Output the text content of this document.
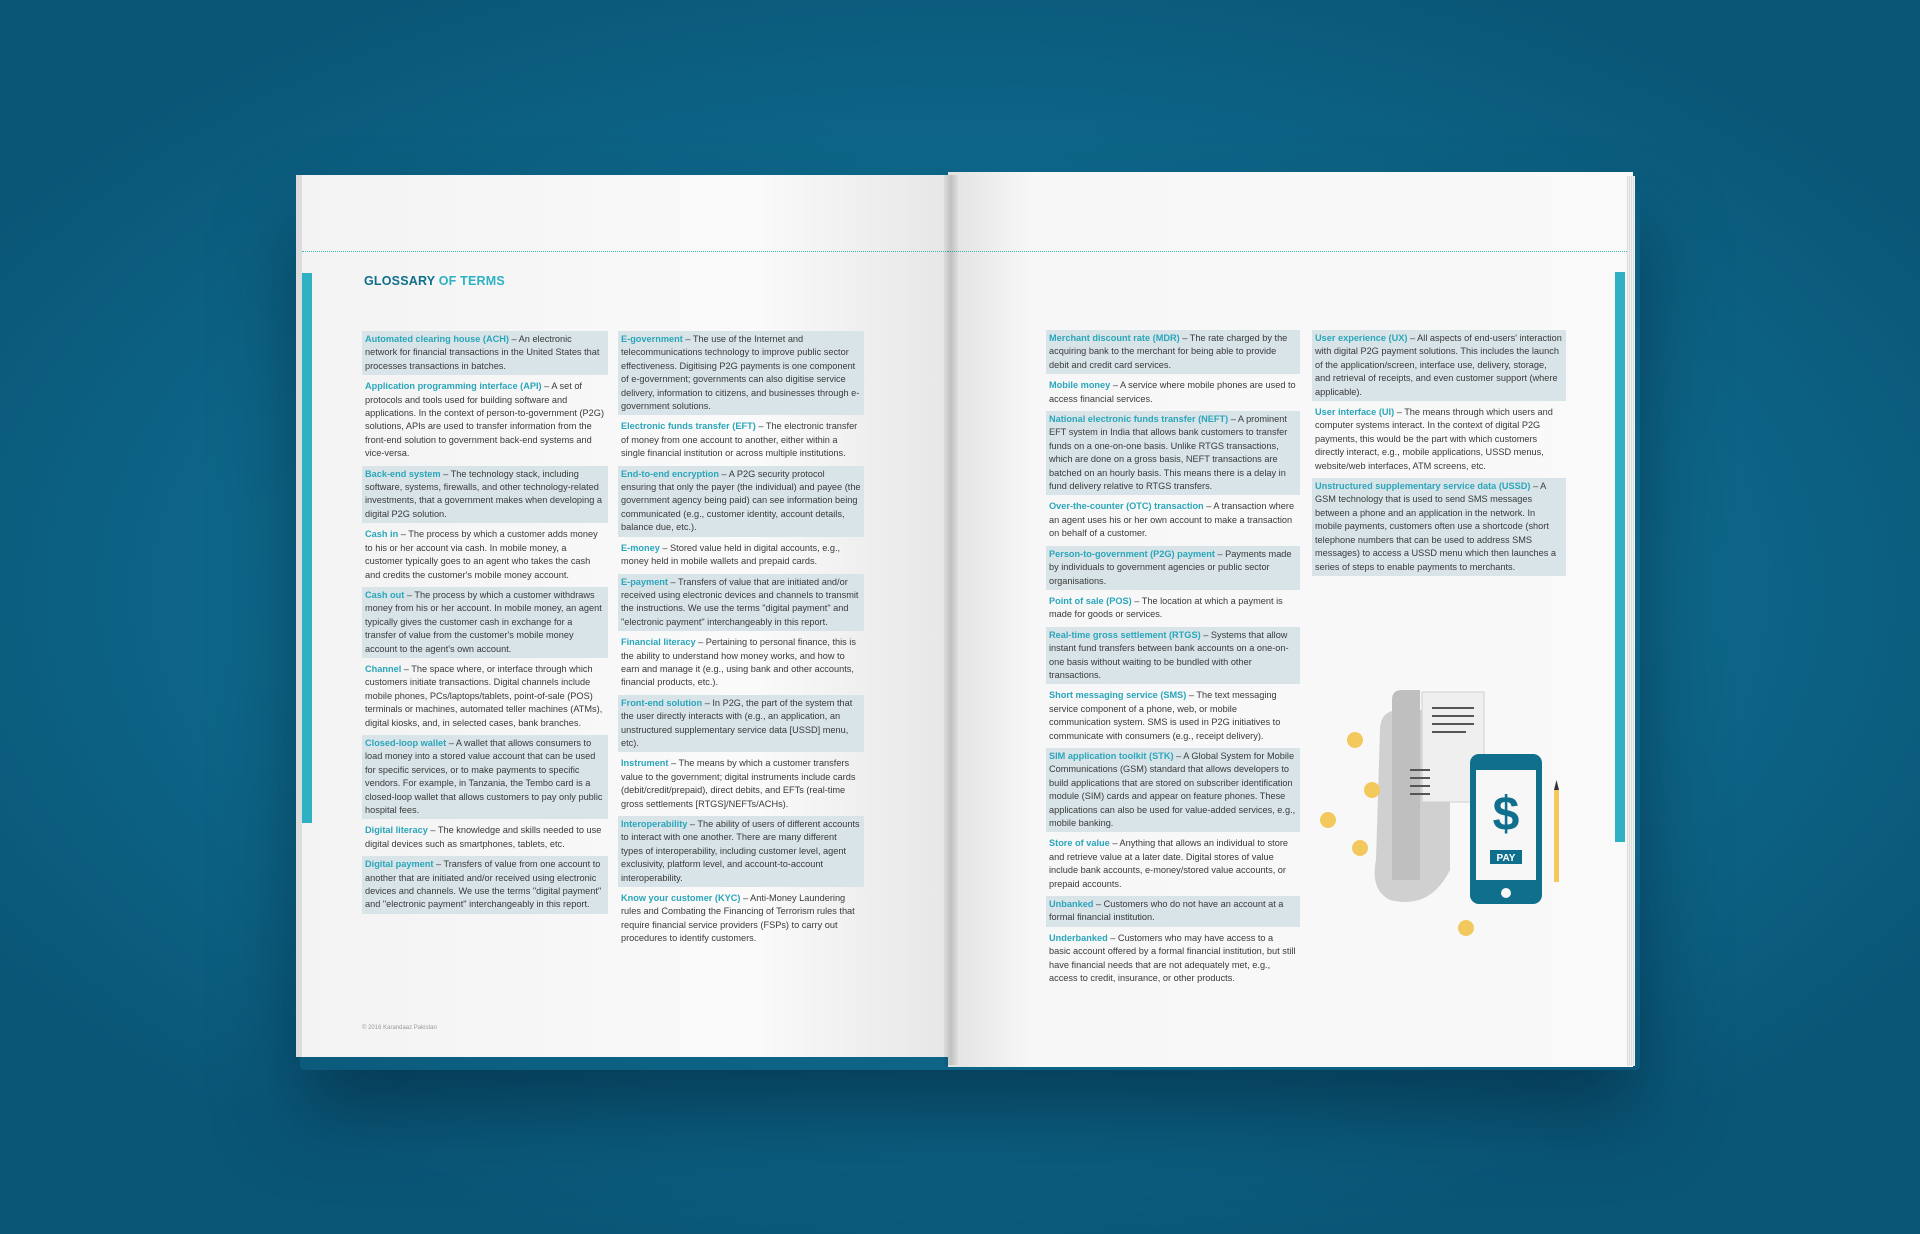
GLOSSARY OF TERMS
Automated clearing house (ACH) – An electronic network for financial transactions in the United States that processes transactions in batches.
Application programming interface (API) – A set of protocols and tools used for building software and applications. In the context of person-to-government (P2G) solutions, APIs are used to transfer information from the front-end solution to government back-end systems and vice-versa.
Back-end system – The technology stack, including software, systems, firewalls, and other technology-related investments, that a government makes when developing a digital P2G solution.
Cash in – The process by which a customer adds money to his or her account via cash. In mobile money, a customer typically goes to an agent who takes the cash and credits the customer's mobile money account.
Cash out – The process by which a customer withdraws money from his or her account. In mobile money, an agent typically gives the customer cash in exchange for a transfer of value from the customer's mobile money account to the agent's own account.
Channel – The space where, or interface through which customers initiate transactions. Digital channels include mobile phones, PCs/laptops/tablets, point-of-sale (POS) terminals or machines, automated teller machines (ATMs), digital kiosks, and, in selected cases, bank branches.
Closed-loop wallet – A wallet that allows consumers to load money into a stored value account that can be used for specific services, or to make payments to specific vendors. For example, in Tanzania, the Tembo card is a closed-loop wallet that allows customers to pay only public hospital fees.
Digital literacy – The knowledge and skills needed to use digital devices such as smartphones, tablets, etc.
Digital payment – Transfers of value from one account to another that are initiated and/or received using electronic devices and channels. We use the terms "digital payment" and "electronic payment" interchangeably in this report.
E-government – The use of the Internet and telecommunications technology to improve public sector effectiveness. Digitising P2G payments is one component of e-government; governments can also digitise service delivery, information to citizens, and businesses through e-government solutions.
Electronic funds transfer (EFT) – The electronic transfer of money from one account to another, either within a single financial institution or across multiple institutions.
End-to-end encryption – A P2G security protocol ensuring that only the payer (the individual) and payee (the government agency being paid) can see information being communicated (e.g., customer identity, account details, balance due, etc.).
E-money – Stored value held in digital accounts, e.g., money held in mobile wallets and prepaid cards.
E-payment – Transfers of value that are initiated and/or received using electronic devices and channels to transmit the instructions. We use the terms "digital payment" and "electronic payment" interchangeably in this report.
Financial literacy – Pertaining to personal finance, this is the ability to understand how money works, and how to earn and manage it (e.g., using bank and other accounts, financial products, etc.).
Front-end solution – In P2G, the part of the system that the user directly interacts with (e.g., an application, an unstructured supplementary service data [USSD] menu, etc).
Instrument – The means by which a customer transfers value to the government; digital instruments include cards (debit/credit/prepaid), direct debits, and EFTs (real-time gross settlements [RTGS]/NEFTs/ACHs).
Interoperability – The ability of users of different accounts to interact with one another. There are many different types of interoperability, including customer level, agent exclusivity, platform level, and account-to-account interoperability.
Know your customer (KYC) – Anti-Money Laundering rules and Combating the Financing of Terrorism rules that require financial service providers (FSPs) to carry out procedures to identify customers.
© 2016 Karandaaz Pakistan
Merchant discount rate (MDR) – The rate charged by the acquiring bank to the merchant for being able to provide debit and credit card services.
Mobile money – A service where mobile phones are used to access financial services.
National electronic funds transfer (NEFT) – A prominent EFT system in India that allows bank customers to transfer funds on a one-on-one basis. Unlike RTGS transactions, which are done on a gross basis, NEFT transactions are batched on an hourly basis. This means there is a delay in fund delivery relative to RTGS transfers.
Over-the-counter (OTC) transaction – A transaction where an agent uses his or her own account to make a transaction on behalf of a customer.
Person-to-government (P2G) payment – Payments made by individuals to government agencies or public sector organisations.
Point of sale (POS) – The location at which a payment is made for goods or services.
Real-time gross settlement (RTGS) – Systems that allow instant fund transfers between bank accounts on a one-on-one basis without waiting to be bundled with other transactions.
Short messaging service (SMS) – The text messaging service component of a phone, web, or mobile communication system. SMS is used in P2G initiatives to communicate with consumers (e.g., receipt delivery).
SIM application toolkit (STK) – A Global System for Mobile Communications (GSM) standard that allows developers to build applications that are stored on subscriber identification module (SIM) cards and appear on feature phones. These applications can also be used for value-added services, e.g., mobile banking.
Store of value – Anything that allows an individual to store and retrieve value at a later date. Digital stores of value include bank accounts, e-money/stored value accounts, or prepaid accounts.
Unbanked – Customers who do not have an account at a formal financial institution.
Underbanked – Customers who may have access to a basic account offered by a formal financial institution, but still have financial needs that are not adequately met, e.g., access to credit, insurance, or other products.
User experience (UX) – All aspects of end-users' interaction with digital P2G payment solutions. This includes the launch of the application/screen, interface use, delivery, storage, and retrieval of receipts, and even customer support (where applicable).
User interface (UI) – The means through which users and computer systems interact. In the context of digital P2G payments, this would be the part with which customers directly interact, e.g., mobile applications, USSD menus, website/web interfaces, ATM screens, etc.
Unstructured supplementary service data (USSD) – A GSM technology that is used to send SMS messages between a phone and an application in the network. In mobile payments, customers often use a shortcode (short telephone numbers that can be used to address SMS messages) to access a USSD menu which then launches a series of steps to enable payments to merchants.
$
PAY
